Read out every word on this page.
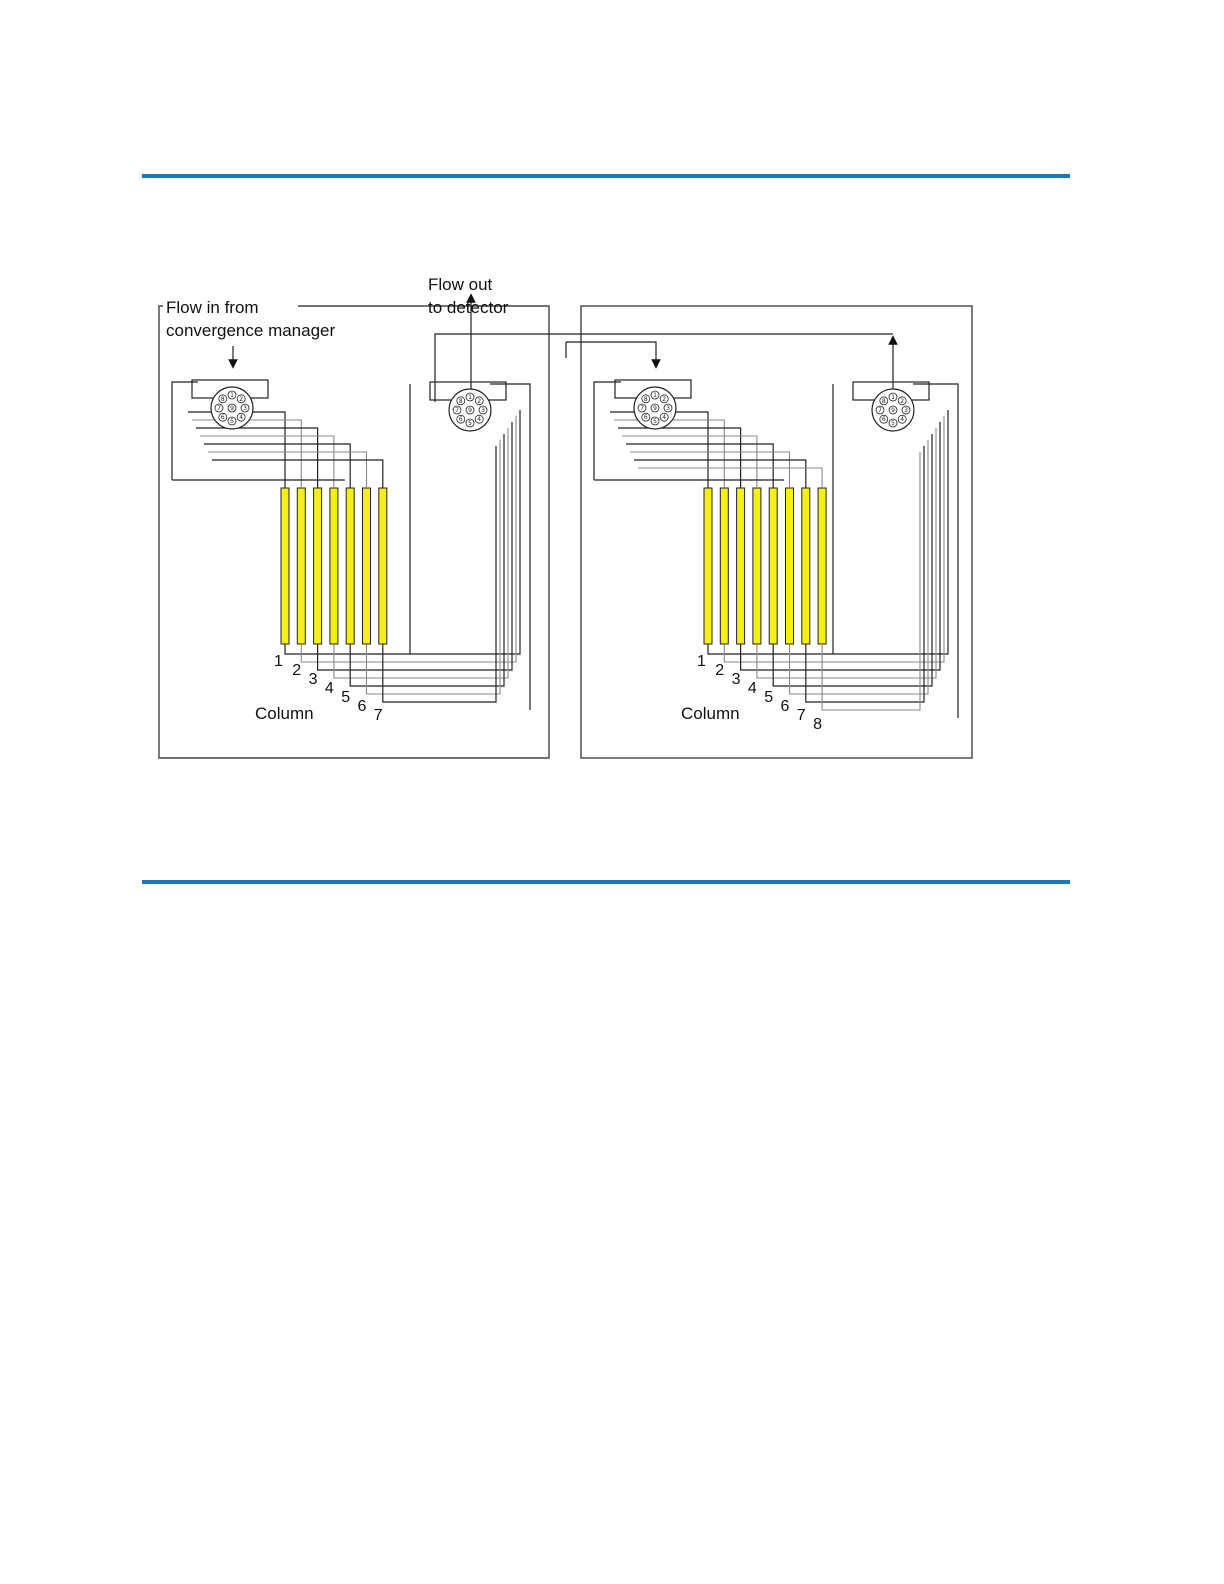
Flow in from
convergence manager
Flow out
to detector
Column	Column
1
2
3
4
5
6
7
1
2
3
4
5
6
7
8
9
1
2
3
4
5
6
7
8
9
1
2
3
4
5
6
7
8
1
2
3
4
5
6
7
8
9
1
2
3
4
5
6
7
8
9
